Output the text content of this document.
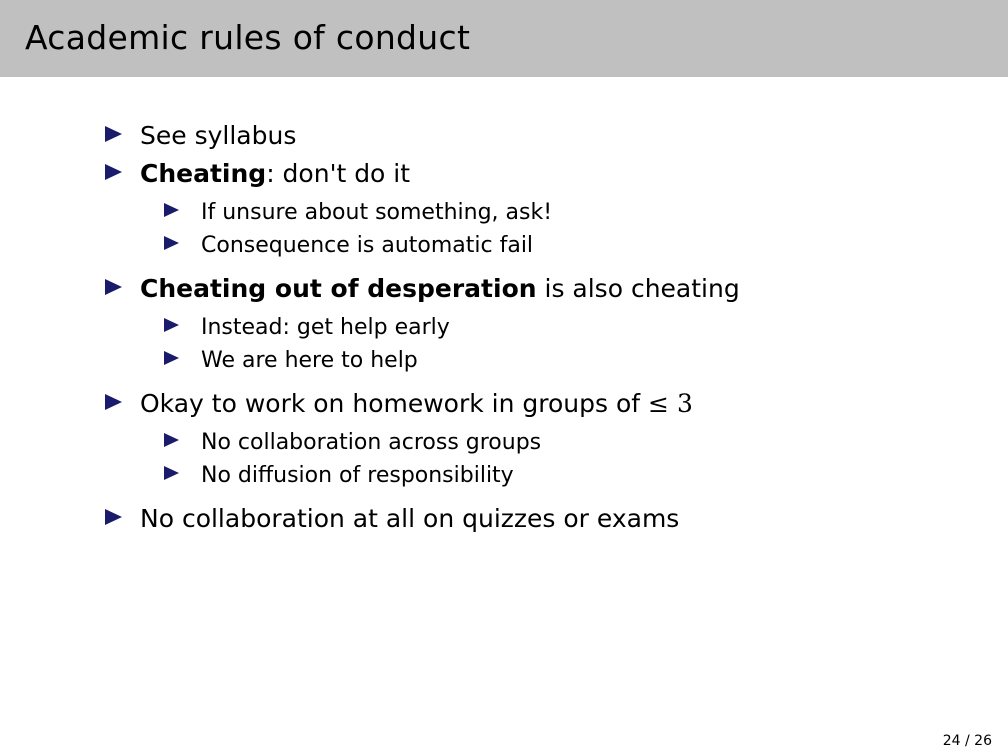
Academic rules of conduct
See syllabus
Cheating: don't do it
If unsure about something, ask!
Consequence is automatic fail
Cheating out of desperation is also cheating
Instead: get help early
We are here to help
Okay to work on homework in groups of ≤ 3
No collaboration across groups
No diffusion of responsibility
No collaboration at all on quizzes or exams
24 / 26
